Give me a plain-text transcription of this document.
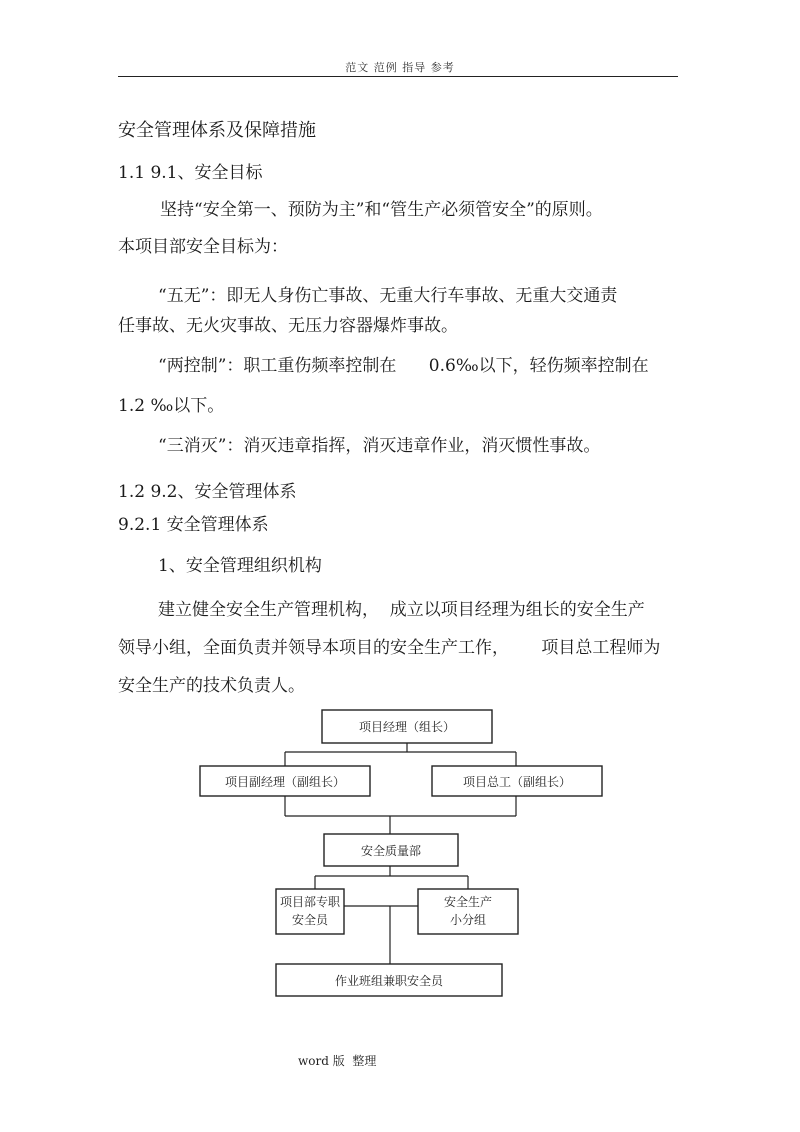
范文 范例 指导 参考
安全管理体系及保障措施
1.1 9.1、安全目标
坚持“安全第一、预防为主”和“管生产必须管安全”的原则。
本项目部安全目标为：
“五无”：即无人身伤亡事故、无重大行车事故、无重大交通责
任事故、无火灾事故、无压力容器爆炸事故。
“两控制”：职工重伤频率控制在      0.6‰以下，轻伤频率控制在
1.2 ‰以下。
“三消灭”：消灭违章指挥，消灭违章作业，消灭惯性事故。
1.2 9.2、安全管理体系
9.2.1 安全管理体系
1、安全管理组织机构
建立健全安全生产管理机构，  成立以项目经理为组长的安全生产
领导小组，全面负责并领导本项目的安全生产工作，      项目总工程师为
安全生产的技术负责人。
项目经理（组长）
项目副经理（副组长）	项目总工（副组长）
安全质量部
项目部专职
安全员
安全生产
小分组
作业班组兼职安全员
word 版  整理
